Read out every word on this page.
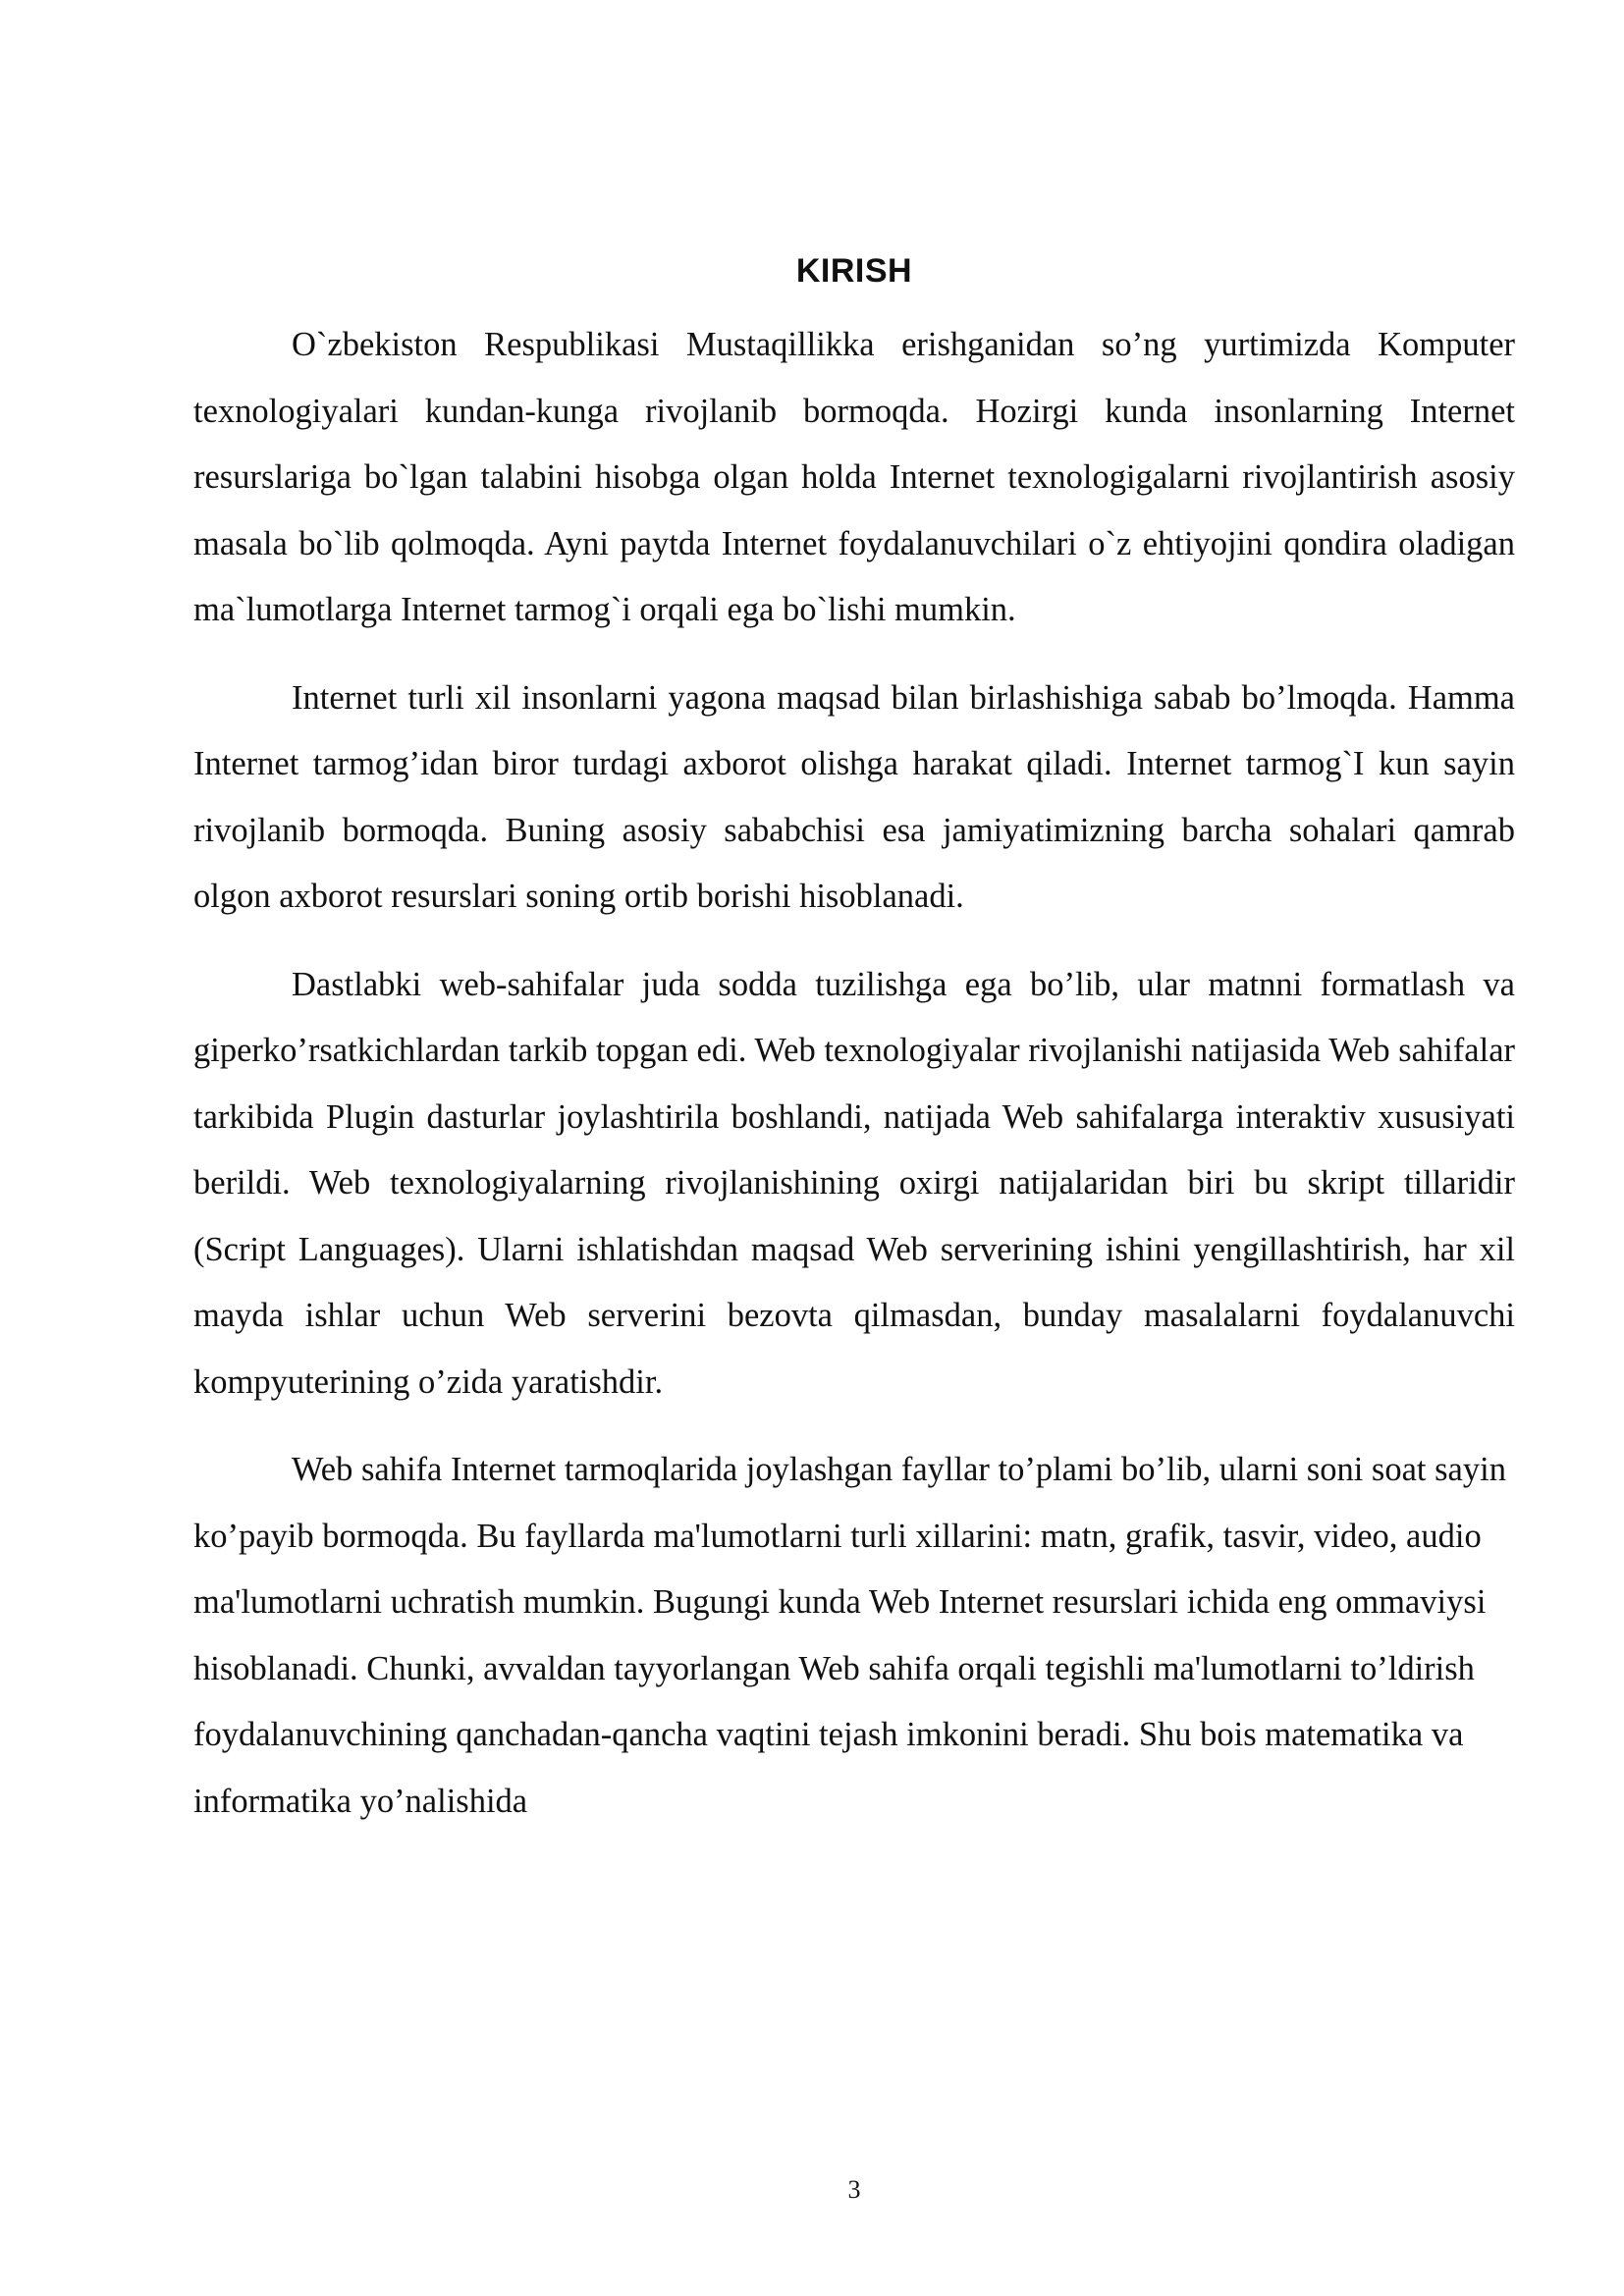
KIRISH

O`zbekiston Respublikasi Mustaqillikka erishganidan so’ng yurtimizda Komputer texnologiyalari kundan-kunga rivojlanib bormoqda. Hozirgi kunda insonlarning Internet resurslariga bo`lgan talabini hisobga olgan holda Internet texnologigalarni rivojlantirish asosiy masala bo`lib qolmoqda. Ayni paytda Internet foydalanuvchilari o`z ehtiyojini qondira oladigan ma`lumotlarga Internet tarmog`i orqali ega bo`lishi mumkin.

Internet turli xil insonlarni yagona maqsad bilan birlashishiga sabab bo’lmoqda. Hamma Internet tarmog’idan biror turdagi axborot olishga harakat qiladi. Internet tarmog`I kun sayin rivojlanib bormoqda. Buning asosiy sababchisi esa jamiyatimizning barcha sohalari qamrab olgon axborot resurslari soning ortib borishi hisoblanadi.

Dastlabki web-sahifalar juda sodda tuzilishga ega bo’lib, ular matnni formatlash va giperko’rsatkichlardan tarkib topgan edi. Web texnologiyalar rivojlanishi natijasida Web sahifalar tarkibida Plugin dasturlar joylashtirila boshlandi, natijada Web sahifalarga interaktiv xususiyati berildi. Web texnologiyalarning rivojlanishining oxirgi natijalaridan biri bu skript tillaridir (Script Languages). Ularni ishlatishdan maqsad Web serverining ishini yengillashtirish, har xil mayda ishlar uchun Web serverini bezovta qilmasdan, bunday masalalarni foydalanuvchi kompyuterining o’zida yaratishdir.

Web sahifa Internet tarmoqlarida joylashgan fayllar to’plami bo’lib, ularni soni soat sayin ko’payib bormoqda. Bu fayllarda ma'lumotlarni turli xillarini: matn, grafik, tasvir, video, audio ma'lumotlarni uchratish mumkin. Bugungi kunda Web Internet resurslari ichida eng ommaviysi hisoblanadi. Chunki, avvaldan tayyorlangan Web sahifa orqali tegishli ma'lumotlarni to’ldirish foydalanuvchining qanchadan-qancha vaqtini tejash imkonini beradi. Shu bois matematika va informatika yo’nalishida

3
